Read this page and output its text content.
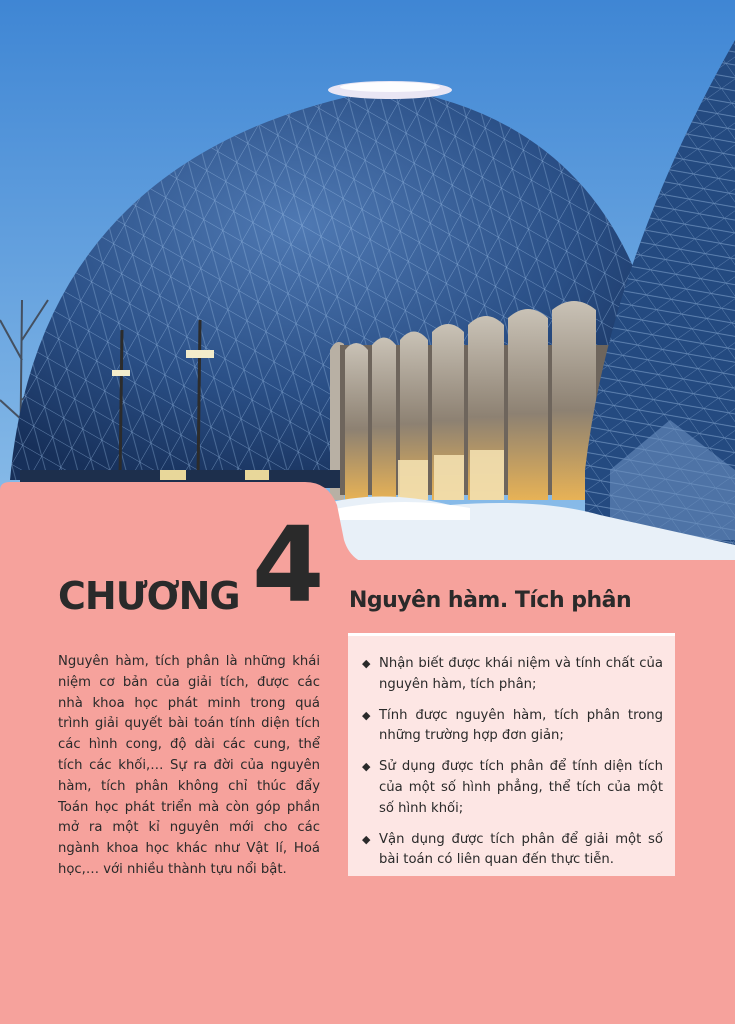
CHƯƠNG 4 Nguyên hàm. Tích phân

Nguyên hàm, tích phân là những khái niệm cơ bản của giải tích, được các nhà khoa học phát minh trong quá trình giải quyết bài toán tính diện tích các hình cong, độ dài các cung, thể tích các khối,… Sự ra đời của nguyên hàm, tích phân không chỉ thúc đẩy Toán học phát triển mà còn góp phần mở ra một kỉ nguyên mới cho các ngành khoa học khác như Vật lí, Hoá học,… với nhiều thành tựu nổi bật.

◆ Nhận biết được khái niệm và tính chất của nguyên hàm, tích phân;
◆ Tính được nguyên hàm, tích phân trong những trường hợp đơn giản;
◆ Sử dụng được tích phân để tính diện tích của một số hình phẳng, thể tích của một số hình khối;
◆ Vận dụng được tích phân để giải một số bài toán có liên quan đến thực tiễn.
